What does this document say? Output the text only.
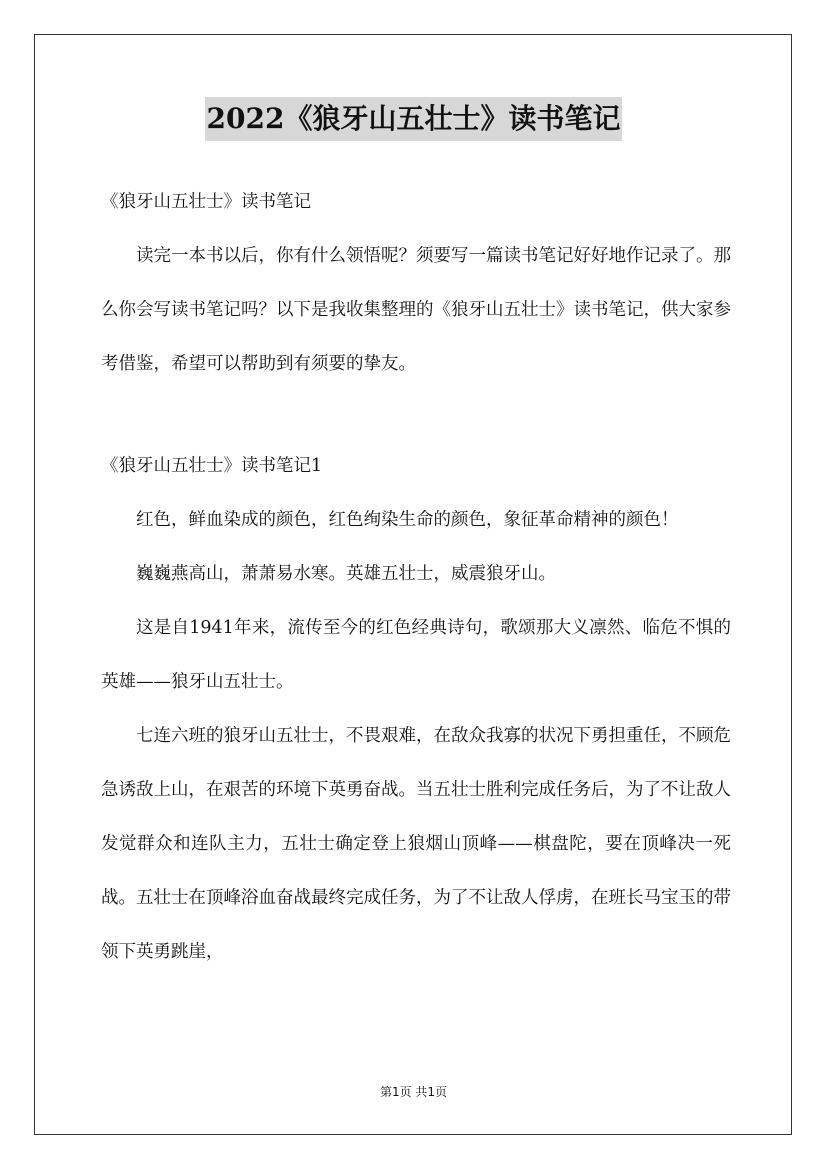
2022《狼牙山五壮士》读书笔记

《狼牙山五壮士》读书笔记

读完一本书以后，你有什么领悟呢？须要写一篇读书笔记好好地作记录了。那么你会写读书笔记吗？以下是我收集整理的《狼牙山五壮士》读书笔记，供大家参考借鉴，希望可以帮助到有须要的挚友。

《狼牙山五壮士》读书笔记1

红色，鲜血染成的颜色，红色绚染生命的颜色，象征革命精神的颜色！

巍巍燕高山，萧萧易水寒。英雄五壮士，威震狼牙山。

这是自1941年来，流传至今的红色经典诗句，歌颂那大义凛然、临危不惧的英雄——狼牙山五壮士。

七连六班的狼牙山五壮士，不畏艰难，在敌众我寡的状况下勇担重任，不顾危急诱敌上山，在艰苦的环境下英勇奋战。当五壮士胜利完成任务后，为了不让敌人发觉群众和连队主力，五壮士确定登上狼烟山顶峰——棋盘陀，要在顶峰决一死战。五壮士在顶峰浴血奋战最终完成任务，为了不让敌人俘虏，在班长马宝玉的带领下英勇跳崖，

第1页 共1页
